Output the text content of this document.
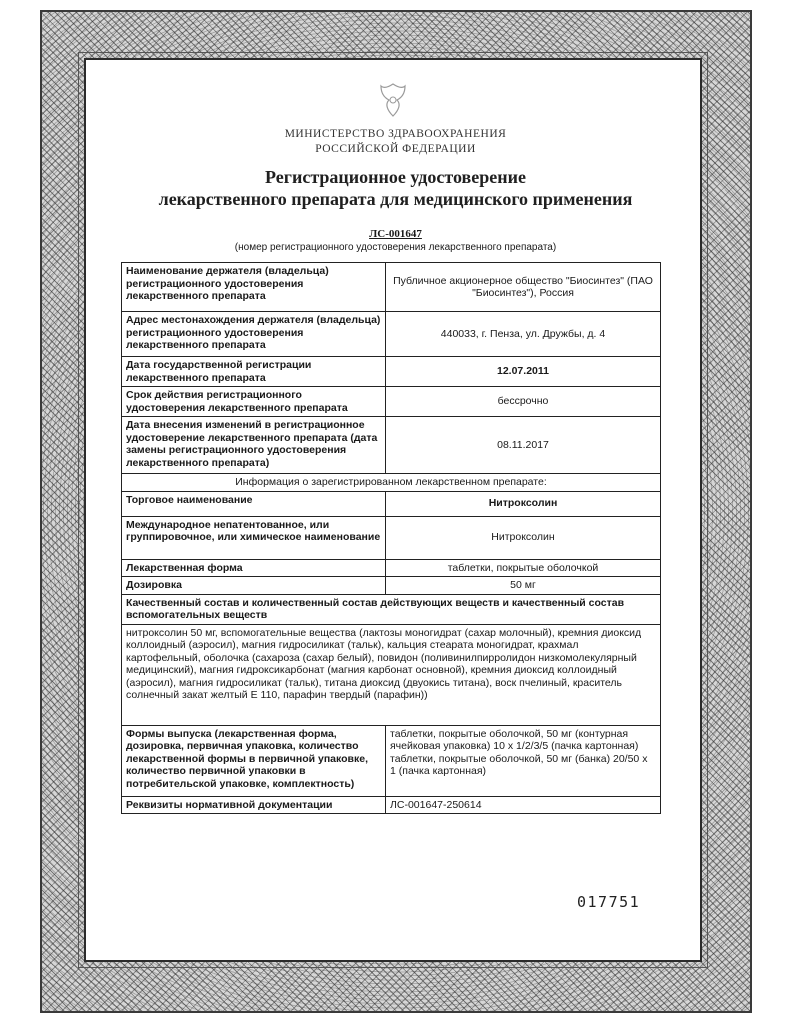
МИНИСТЕРСТВО ЗДРАВООХРАНЕНИЯ
РОССИЙСКОЙ ФЕДЕРАЦИИ
Регистрационное удостоверение
лекарственного препарата для медицинского применения
ЛС-001647
(номер регистрационного удостоверения лекарственного препарата)
Наименование держателя (владельца) регистрационного удостоверения лекарственного препарата	Публичное акционерное общество "Биосинтез" (ПАО "Биосинтез"), Россия
Адрес местонахождения держателя (владельца) регистрационного удостоверения лекарственного препарата	440033, г. Пенза, ул. Дружбы, д. 4
Дата государственной регистрации лекарственного препарата	12.07.2011
Срок действия регистрационного удостоверения лекарственного препарата	бессрочно
Дата внесения изменений в регистрационное удостоверение лекарственного препарата (дата замены регистрационного удостоверения лекарственного препарата)	08.11.2017
Информация о зарегистрированном лекарственном препарате:	
Торговое наименование	Нитроксолин
Международное непатентованное, или группировочное, или химическое наименование	Нитроксолин
Лекарственная форма	таблетки, покрытые оболочкой
Дозировка	50 мг
Качественный состав и количественный состав действующих веществ и качественный состав вспомогательных веществ	
нитроксолин 50 мг, вспомогательные вещества (лактозы моногидрат (сахар молочный), кремния диоксид коллоидный (аэросил), магния гидросиликат (тальк), кальция стеарата моногидрат, крахмал картофельный, оболочка (сахароза (сахар белый), повидон (поливинилпирролидон низкомолекулярный медицинский), магния гидроксикарбонат (магния карбонат основной), кремния диоксид коллоидный (аэросил), магния гидросиликат (тальк), титана диоксид (двуокись титана), воск пчелиный, краситель солнечный закат желтый Е 110, парафин твердый (парафин))	
Формы выпуска (лекарственная форма, дозировка, первичная упаковка, количество лекарственной формы в первичной упаковке, количество первичной упаковки в потребительской упаковке, комплектность)	таблетки, покрытые оболочкой, 50 мг (контурная ячейковая упаковка) 10 x 1/2/3/5 (пачка картонная)
таблетки, покрытые оболочкой, 50 мг (банка) 20/50 x 1 (пачка картонная)

Реквизиты нормативной документации	ЛС-001647-250614
017751
